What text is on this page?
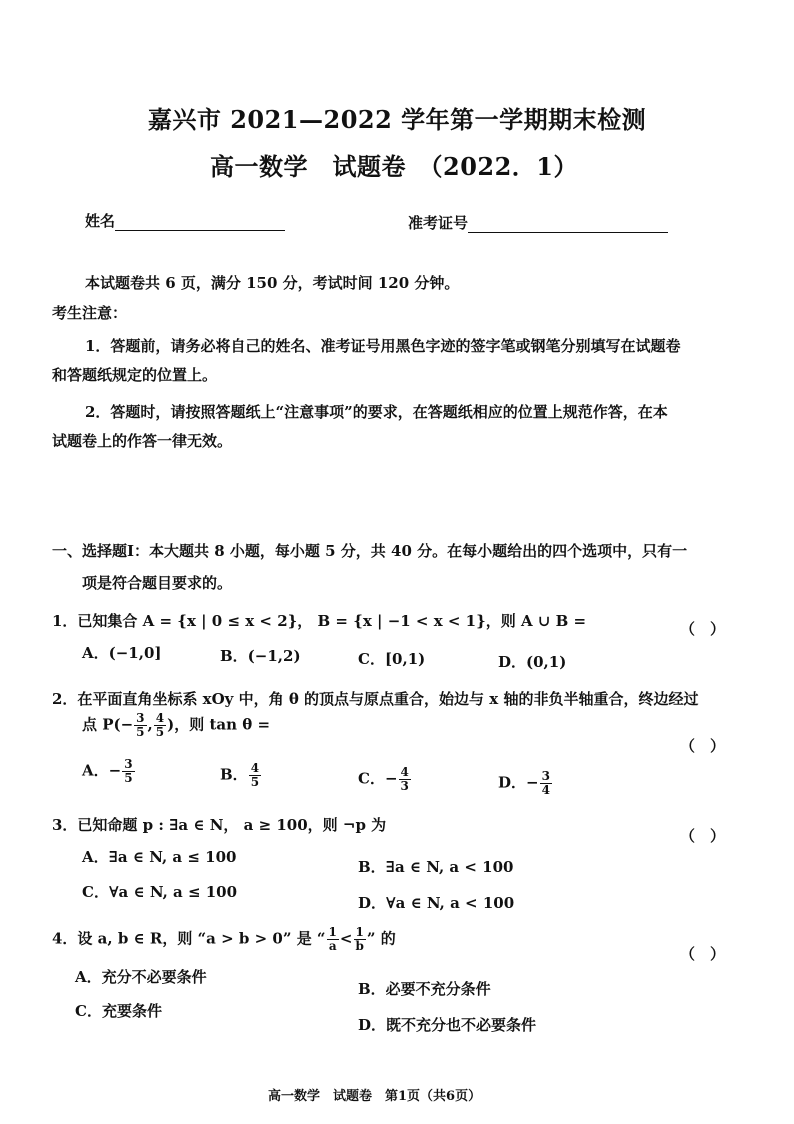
嘉兴市 2021—2022 学年第一学期期末检测
高一数学　试题卷　（2022．1）
姓名	准考证号
本试题卷共 6 页，满分 150 分，考试时间 120 分钟。
考生注意：
1．答题前，请务必将自己的姓名、准考证号用黑色字迹的签字笔或钢笔分别填写在试题卷
和答题纸规定的位置上。
2．答题时，请按照答题纸上“注意事项”的要求，在答题纸相应的位置上规范作答，在本
试题卷上的作答一律无效。
一、选择题Ⅰ：本大题共 8 小题，每小题 5 分，共 40 分。在每小题给出的四个选项中，只有一
项是符合题目要求的。
1．已知集合 A = {x | 0 ≤ x < 2}， B = {x | −1 < x < 1}，则 A ∪ B =	（　）
A．(−1,0]	B．(−1,2)	C．[0,1)	D．(0,1)
2．在平面直角坐标系 xOy 中，角 θ 的顶点与原点重合，始边与 x 轴的非负半轴重合，终边经过
点 $P(- \frac{3}{5}$ , $\frac{4}{5}$ )，则 tan θ =
（　）
A．− $\frac{3}{5}$	B． $\frac{4}{5}$	C．− $\frac{4}{3}$	D．− $\frac{3}{4}$
3．已知命题 p : ∃a ∈ N， a ≥ 100，则 ¬p 为
（　）
A．∃a ∈ N, a ≤ 100
B．∃a ∈ N, a < 100
C．∀a ∈ N, a ≤ 100
D．∀a ∈ N, a < 100
4．设 a, b ∈ R，则 “a > b > 0” 是 “ $\frac{1}{a} < \frac{1}{b}$ ” 的
（　）
A．充分不必要条件
B．必要不充分条件
C．充要条件
D．既不充分也不必要条件
高一数学　试题卷　第1页（共6页）
